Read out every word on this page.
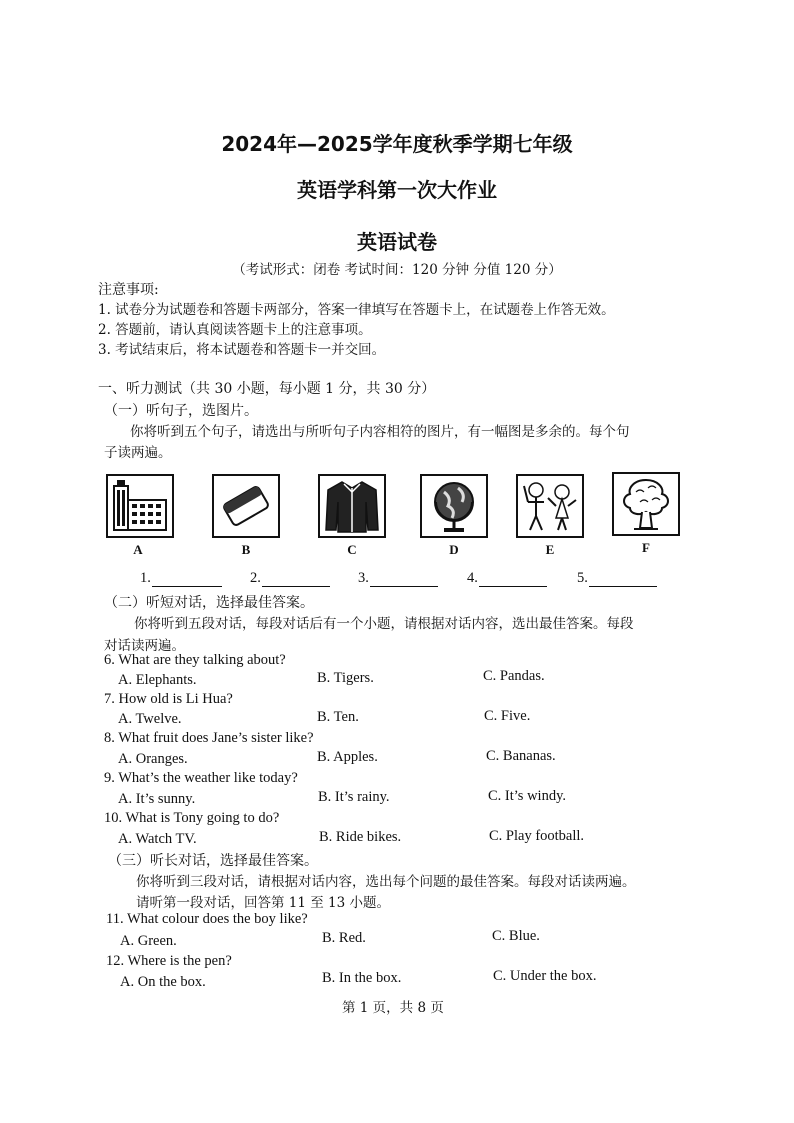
2024年—2025学年度秋季学期七年级
英语学科第一次大作业
英语试卷
（考试形式：闭卷 考试时间：120 分钟 分值 120 分）
注意事项:
1. 试卷分为试题卷和答题卡两部分，答案一律填写在答题卡上，在试题卷上作答无效。
2. 答题前，请认真阅读答题卡上的注意事项。
3. 考试结束后，将本试题卷和答题卡一并交回。
一、听力测试（共 30 小题，每小题 1 分，共 30 分）
（一）听句子，选图片。
你将听到五个句子，请选出与所听句子内容相符的图片，有一幅图是多余的。每个句
子读两遍。
A	B	C	D	E	F
1.	2.	3.	4.	5.
（二）听短对话，选择最佳答案。
你将听到五段对话，每段对话后有一个小题，请根据对话内容，选出最佳答案。每段
对话读两遍。
6. What are they talking about?
A. Elephants.	B. Tigers.	C. Pandas.
7. How old is Li Hua?
A. Twelve.	B. Ten.	C. Five.
8. What fruit does Jane’s sister like?
A. Oranges.	B. Apples.	C. Bananas.
9. What’s the weather like today?
A. It’s sunny.	B. It’s rainy.	C. It’s windy.
10. What is Tony going to do?
A. Watch TV.	B. Ride bikes.	C. Play football.
（三）听长对话，选择最佳答案。
你将听到三段对话，请根据对话内容，选出每个问题的最佳答案。每段对话读两遍。
请听第一段对话，回答第 11 至 13 小题。
11. What colour does the boy like?
A. Green.	B. Red.	C. Blue.
12. Where is the pen?
A. On the box.	B. In the box.	C. Under the box.
第 1 页，共 8 页
